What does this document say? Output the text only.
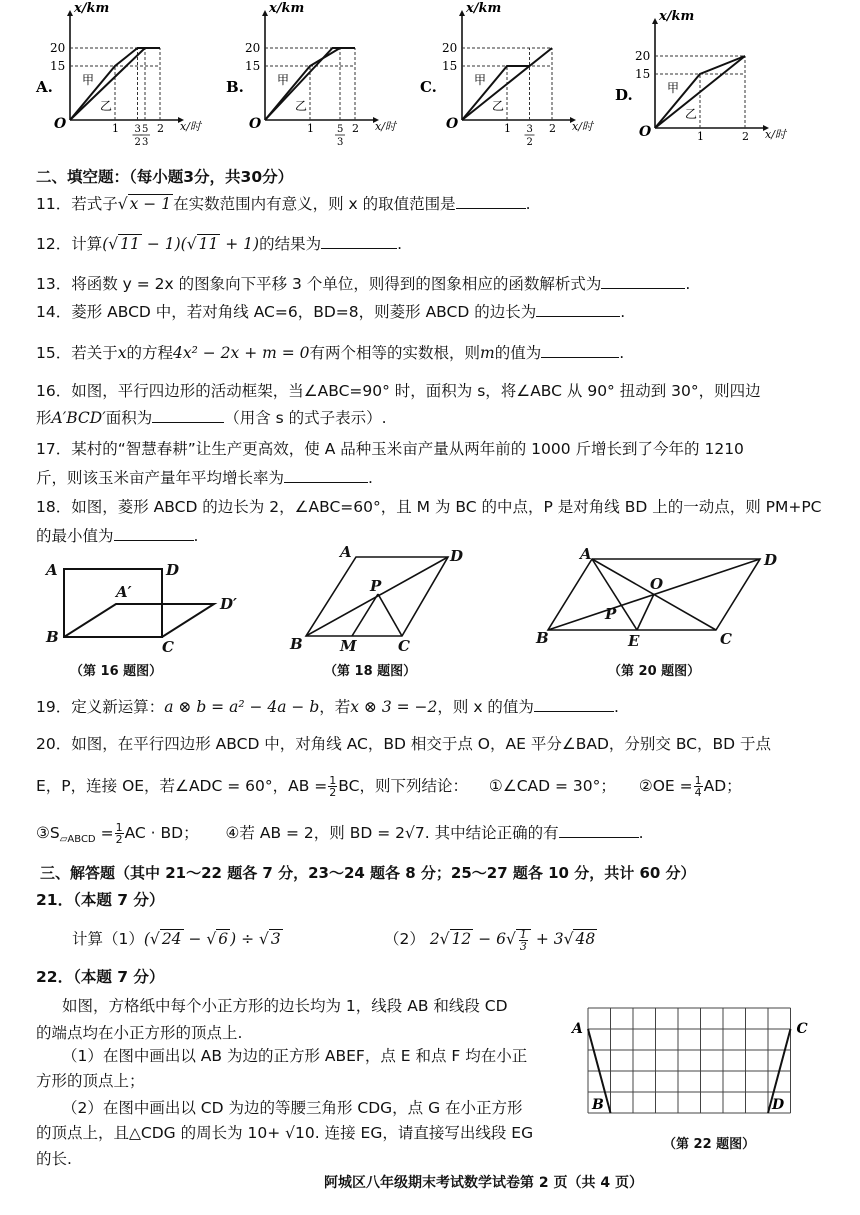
A.
x/km
x/时
O
20
15
甲
乙
1 3
2
5
3
2
B.
x/km
x/时
O
20
15
甲
乙
1 5
3
2
C.
x/km
x/时
O
20
15
甲
乙
1 3
2
2
D.
x/km
x/时
O
20
15
甲
乙
1	2
二、填空题：（每小题3分，共30分）
11．若式子√ x − 1 在实数范围内有意义，则 x 的取值范围是	.
12．计算(√ 11 − 1)(√ 11 + 1)的结果为	.
13．将函数 y = 2x 的图象向下平移 3 个单位，则得到的图象相应的函数解析式为	.
14．菱形 ABCD 中，若对角线 AC=6，BD=8，则菱形 ABCD 的边长为	.
15．若关于x的方程4x² − 2x + m = 0有两个相等的实数根，则m的值为	.
16．如图，平行四边形的活动框架，当∠ABC=90° 时，面积为 s，将∠ABC 从 90° 扭动到 30°，则四边
形A′BCD′面积为	（用含 s 的式子表示）.
17．某村的“智慧春耕”让生产更高效，使 A 品种玉米亩产量从两年前的 1000 斤增长到了今年的 1210
斤，则该玉米亩产量年平均增长率为	.
18．如图，菱形 ABCD 的边长为 2，∠ABC=60°，且 M 为 BC 的中点，P 是对角线 BD 上的一动点，则 PM+PC
的最小值为	.
A	D
A′
D′
B
C
A	D
P
B M	C
A	D
O
P
B	E	C
（第 16 题图）	（第 18 题图）	（第 20 题图）
19．定义新运算：a ⊗ b = a² − 4a − b，若x ⊗ 3 = −2，则 x 的值为	.
20．如图，在平行四边形 ABCD 中，对角线 AC，BD 相交于点 O，AE 平分∠BAD，分别交 BC，BD 于点
E，P，连接 OE，若∠ADC = 60°，AB = $\frac{1}{2}$ BC，则下列结论： ①∠CAD = 30°； ②OE = $\frac{1}{4}$ AD；
$③S_{▱ABCD} = \frac{1}{2}$ AC · BD； ④若 AB = 2，则 BD = 2√7. 其中结论正确的有	.
三、解答题（其中 21～22 题各 7 分，23～24 题各 8 分；25～27 题各 10 分，共计 60 分）
21．（本题 7 分）
计算（1）(√ 24 − √ 6 ) ÷ √ 3	（2） 2√ $12 - 6√ \frac{1}{3} + 3√$ 48
22．（本题 7 分）
如图，方格纸中每个小正方形的边长均为 1，线段 AB 和线段 CD
的端点均在小正方形的顶点上.
（1）在图中画出以 AB 为边的正方形 ABEF，点 E 和点 F 均在小正
方形的顶点上；
（2）在图中画出以 CD 为边的等腰三角形 CDG，点 G 在小正方形
的顶点上，且△CDG 的周长为 10+ √10. 连接 EG，请直接写出线段 EG
的长.
A	C
B	D
（第 22 题图）
阿城区八年级期末考试数学试卷第 2 页（共 4 页）
